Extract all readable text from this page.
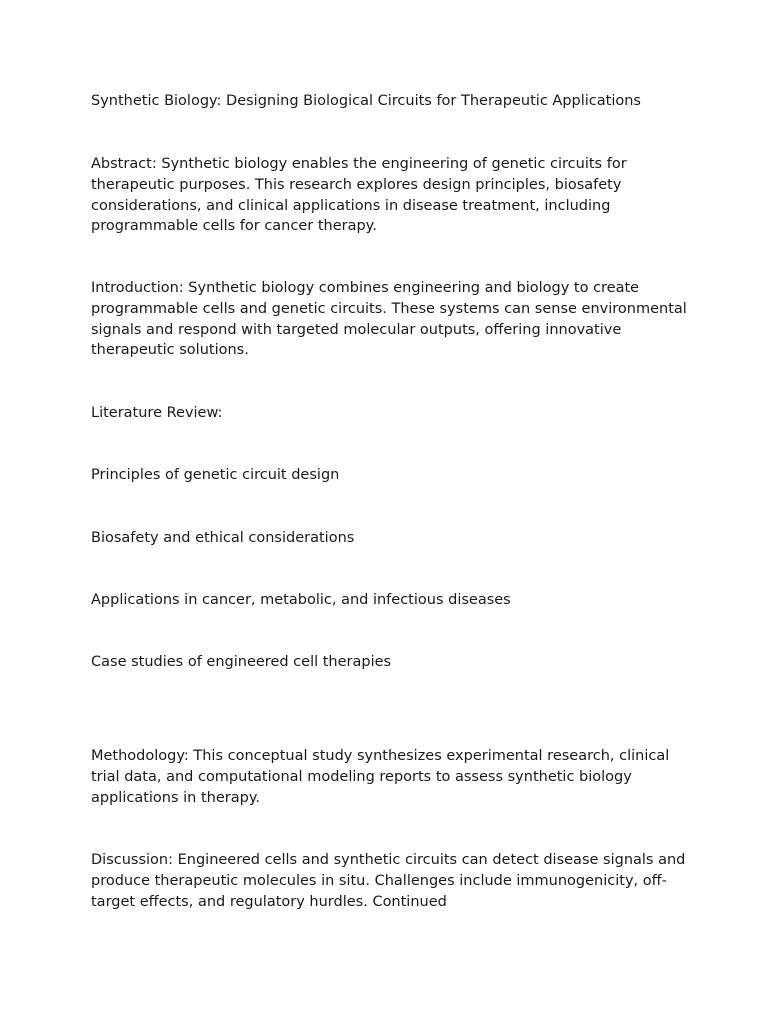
Synthetic Biology: Designing Biological Circuits for Therapeutic Applications

Abstract: Synthetic biology enables the engineering of genetic circuits for therapeutic purposes. This research explores design principles, biosafety considerations, and clinical applications in disease treatment, including programmable cells for cancer therapy.

Introduction: Synthetic biology combines engineering and biology to create programmable cells and genetic circuits. These systems can sense environmental signals and respond with targeted molecular outputs, offering innovative therapeutic solutions.

Literature Review:

Principles of genetic circuit design

Biosafety and ethical considerations

Applications in cancer, metabolic, and infectious diseases

Case studies of engineered cell therapies

Methodology: This conceptual study synthesizes experimental research, clinical trial data, and computational modeling reports to assess synthetic biology applications in therapy.

Discussion: Engineered cells and synthetic circuits can detect disease signals and produce therapeutic molecules in situ. Challenges include immunogenicity, off-target effects, and regulatory hurdles. Continued
